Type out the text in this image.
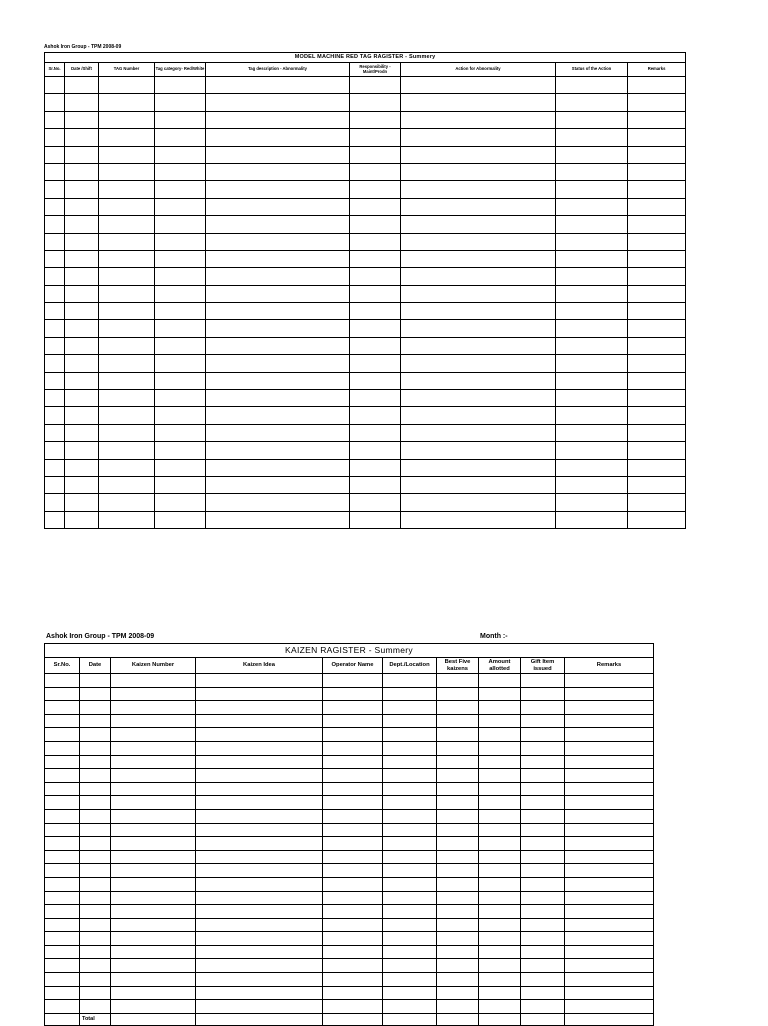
Ashok Iron Group - TPM 2008-09
MODEL MACHINE RED TAG RAGISTER - Summery								
Sr.No.	Date /Shift	TAG Number	Tag category- Red/White	Tag description - Abnormality	Responsibility - Maint/Prodn	Action for Abnormality	Status of the Action	Remarks

Ashok Iron Group - TPM 2008-09	Month :-
KAIZEN RAGISTER - Summery									
Sr.No.	Date	Kaizen Number	Kaizen Idea	Operator Name	Dept./Location	Best Five kaizens	Amount allotted	Gift Item issued	Remarks

	Total								
